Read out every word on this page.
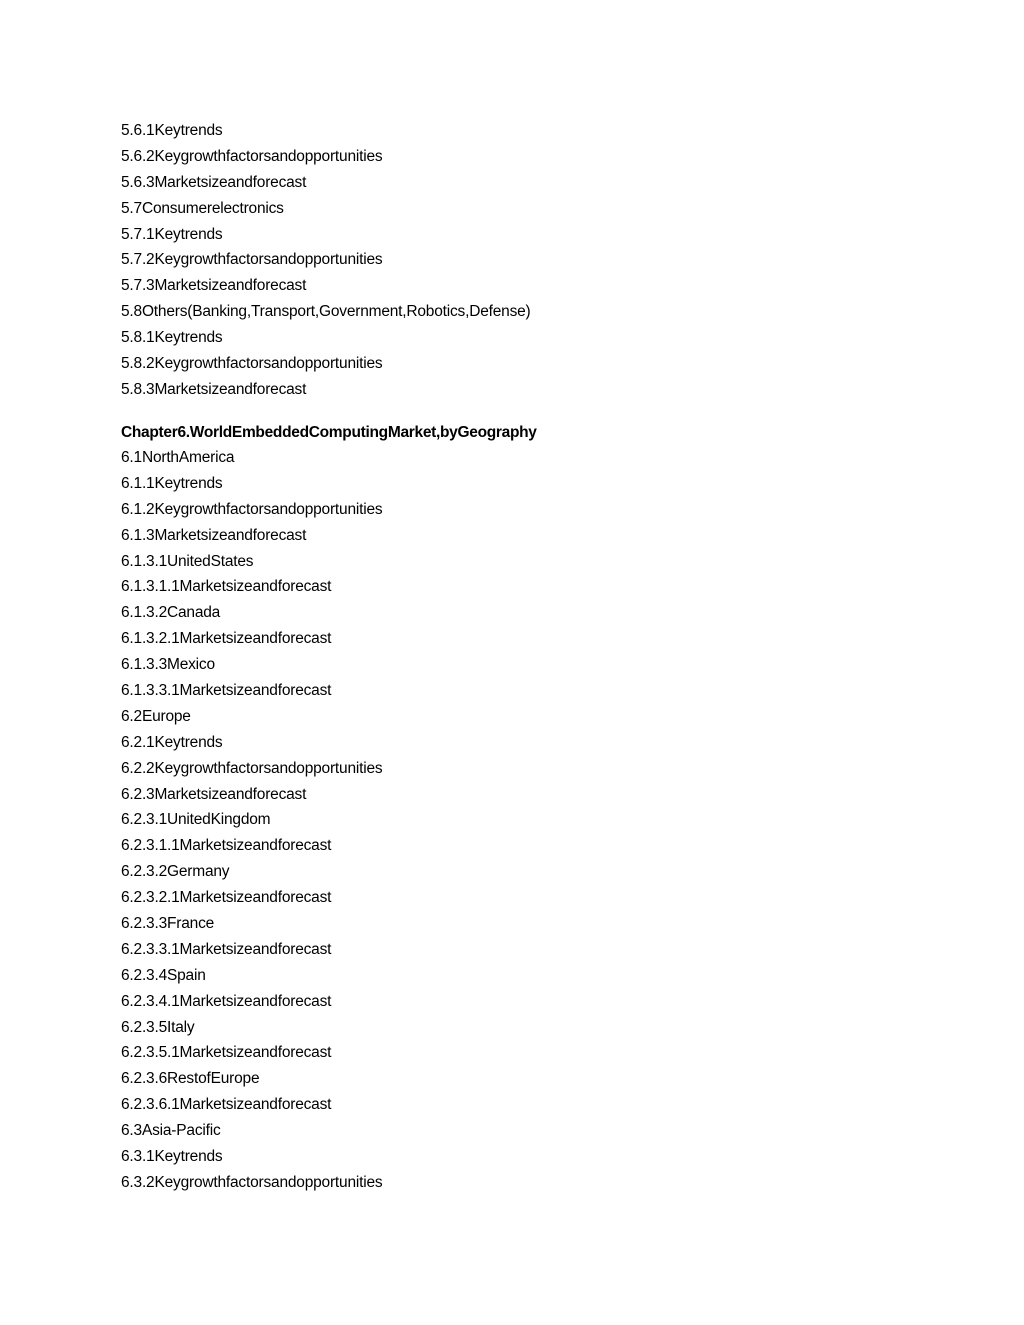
5.6.1Keytrends
5.6.2Keygrowthfactorsandopportunities
5.6.3Marketsizeandforecast
5.7Consumerelectronics
5.7.1Keytrends
5.7.2Keygrowthfactorsandopportunities
5.7.3Marketsizeandforecast
5.8Others(Banking,Transport,Government,Robotics,Defense)
5.8.1Keytrends
5.8.2Keygrowthfactorsandopportunities
5.8.3Marketsizeandforecast
Chapter6.WorldEmbeddedComputingMarket,byGeography
6.1NorthAmerica
6.1.1Keytrends
6.1.2Keygrowthfactorsandopportunities
6.1.3Marketsizeandforecast
6.1.3.1UnitedStates
6.1.3.1.1Marketsizeandforecast
6.1.3.2Canada
6.1.3.2.1Marketsizeandforecast
6.1.3.3Mexico
6.1.3.3.1Marketsizeandforecast
6.2Europe
6.2.1Keytrends
6.2.2Keygrowthfactorsandopportunities
6.2.3Marketsizeandforecast
6.2.3.1UnitedKingdom
6.2.3.1.1Marketsizeandforecast
6.2.3.2Germany
6.2.3.2.1Marketsizeandforecast
6.2.3.3France
6.2.3.3.1Marketsizeandforecast
6.2.3.4Spain
6.2.3.4.1Marketsizeandforecast
6.2.3.5Italy
6.2.3.5.1Marketsizeandforecast
6.2.3.6RestofEurope
6.2.3.6.1Marketsizeandforecast
6.3Asia-Pacific
6.3.1Keytrends
6.3.2Keygrowthfactorsandopportunities
